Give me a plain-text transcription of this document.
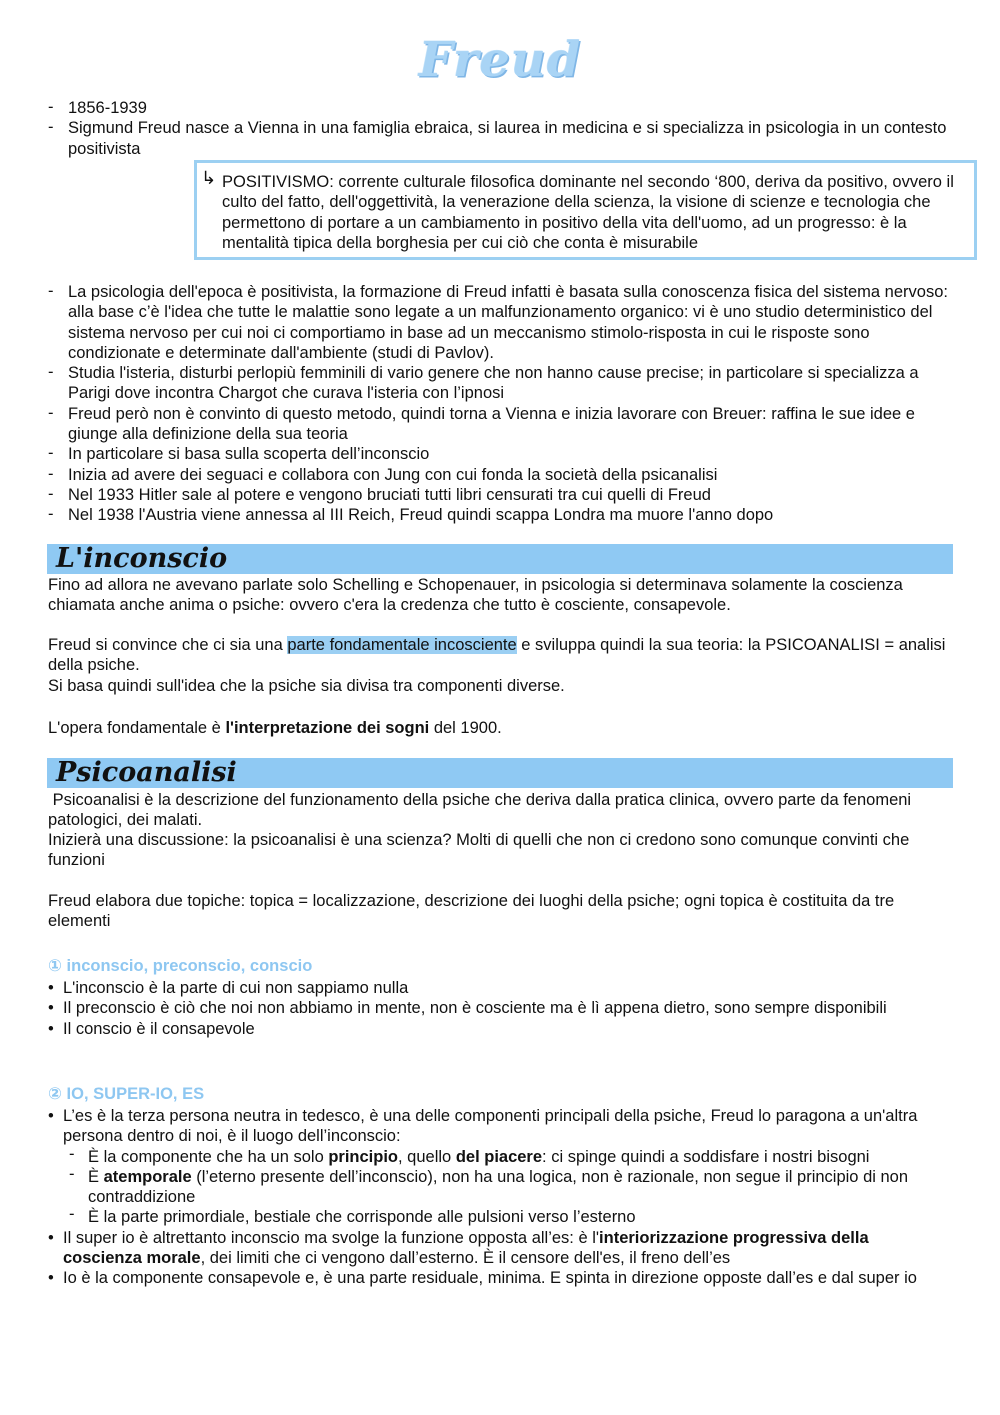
Freud
- 1856-1939
- Sigmund Freud nasce a Vienna in una famiglia ebraica, si laurea in medicina e si specializza in psicologia in un contesto positivista
↳ POSITIVISMO: corrente culturale filosofica dominante nel secondo ‘800, deriva da positivo, ovvero il culto del fatto, dell'oggettività, la venerazione della scienza, la visione di scienze e tecnologia che permettono di portare a un cambiamento in positivo della vita dell'uomo, ad un progresso: è la mentalità tipica della borghesia per cui ciò che conta è misurabile
- La psicologia dell'epoca è positivista, la formazione di Freud infatti è basata sulla conoscenza fisica del sistema nervoso: alla base c’è l'idea che tutte le malattie sono legate a un malfunzionamento organico: vi è uno studio deterministico del sistema nervoso per cui noi ci comportiamo in base ad un meccanismo stimolo-risposta in cui le risposte sono condizionate e determinate dall'ambiente (studi di Pavlov).
- Studia l'isteria, disturbi perlopiù femminili di vario genere che non hanno cause precise; in particolare si specializza a Parigi dove incontra Chargot che curava l'isteria con l’ipnosi
- Freud però non è convinto di questo metodo, quindi torna a Vienna e inizia lavorare con Breuer: raffina le sue idee e giunge alla definizione della sua teoria
- In particolare si basa sulla scoperta dell’inconscio
- Inizia ad avere dei seguaci e collabora con Jung con cui fonda la società della psicanalisi
- Nel 1933 Hitler sale al potere e vengono bruciati tutti libri censurati tra cui quelli di Freud
- Nel 1938 l'Austria viene annessa al III Reich, Freud quindi scappa Londra ma muore l'anno dopo
L'inconscio
Fino ad allora ne avevano parlate solo Schelling e Schopenauer, in psicologia si determinava solamente la coscienza chiamata anche anima o psiche: ovvero c'era la credenza che tutto è cosciente, consapevole.
Freud si convince che ci sia una parte fondamentale incosciente e sviluppa quindi la sua teoria: la PSICOANALISI = analisi della psiche.
Si basa quindi sull'idea che la psiche sia divisa tra componenti diverse.
L'opera fondamentale è l'interpretazione dei sogni del 1900.
Psicoanalisi
Psicoanalisi è la descrizione del funzionamento della psiche che deriva dalla pratica clinica, ovvero parte da fenomeni patologici, dei malati.
Inizierà una discussione: la psicoanalisi è una scienza? Molti di quelli che non ci credono sono comunque convinti che funzioni
Freud elabora due topiche: topica = localizzazione, descrizione dei luoghi della psiche; ogni topica è costituita da tre elementi
① inconscio, preconscio, conscio
• L'inconscio è la parte di cui non sappiamo nulla
• Il preconscio è ciò che noi non abbiamo in mente, non è cosciente ma è lì appena dietro, sono sempre disponibili
• Il conscio è il consapevole
② IO, SUPER-IO, ES
• L’es è la terza persona neutra in tedesco, è una delle componenti principali della psiche, Freud lo paragona a un'altra persona dentro di noi, è il luogo dell’inconscio:
- È la componente che ha un solo principio, quello del piacere: ci spinge quindi a soddisfare i nostri bisogni
- È atemporale (l’eterno presente dell’inconscio), non ha una logica, non è razionale, non segue il principio di non contraddizione
- È la parte primordiale, bestiale che corrisponde alle pulsioni verso l’esterno
• Il super io è altrettanto inconscio ma svolge la funzione opposta all’es: è l'interiorizzazione progressiva della coscienza morale, dei limiti che ci vengono dall’esterno. È il censore dell'es, il freno dell’es
• Io è la componente consapevole e, è una parte residuale, minima. E spinta in direzione opposte dall’es e dal super io
